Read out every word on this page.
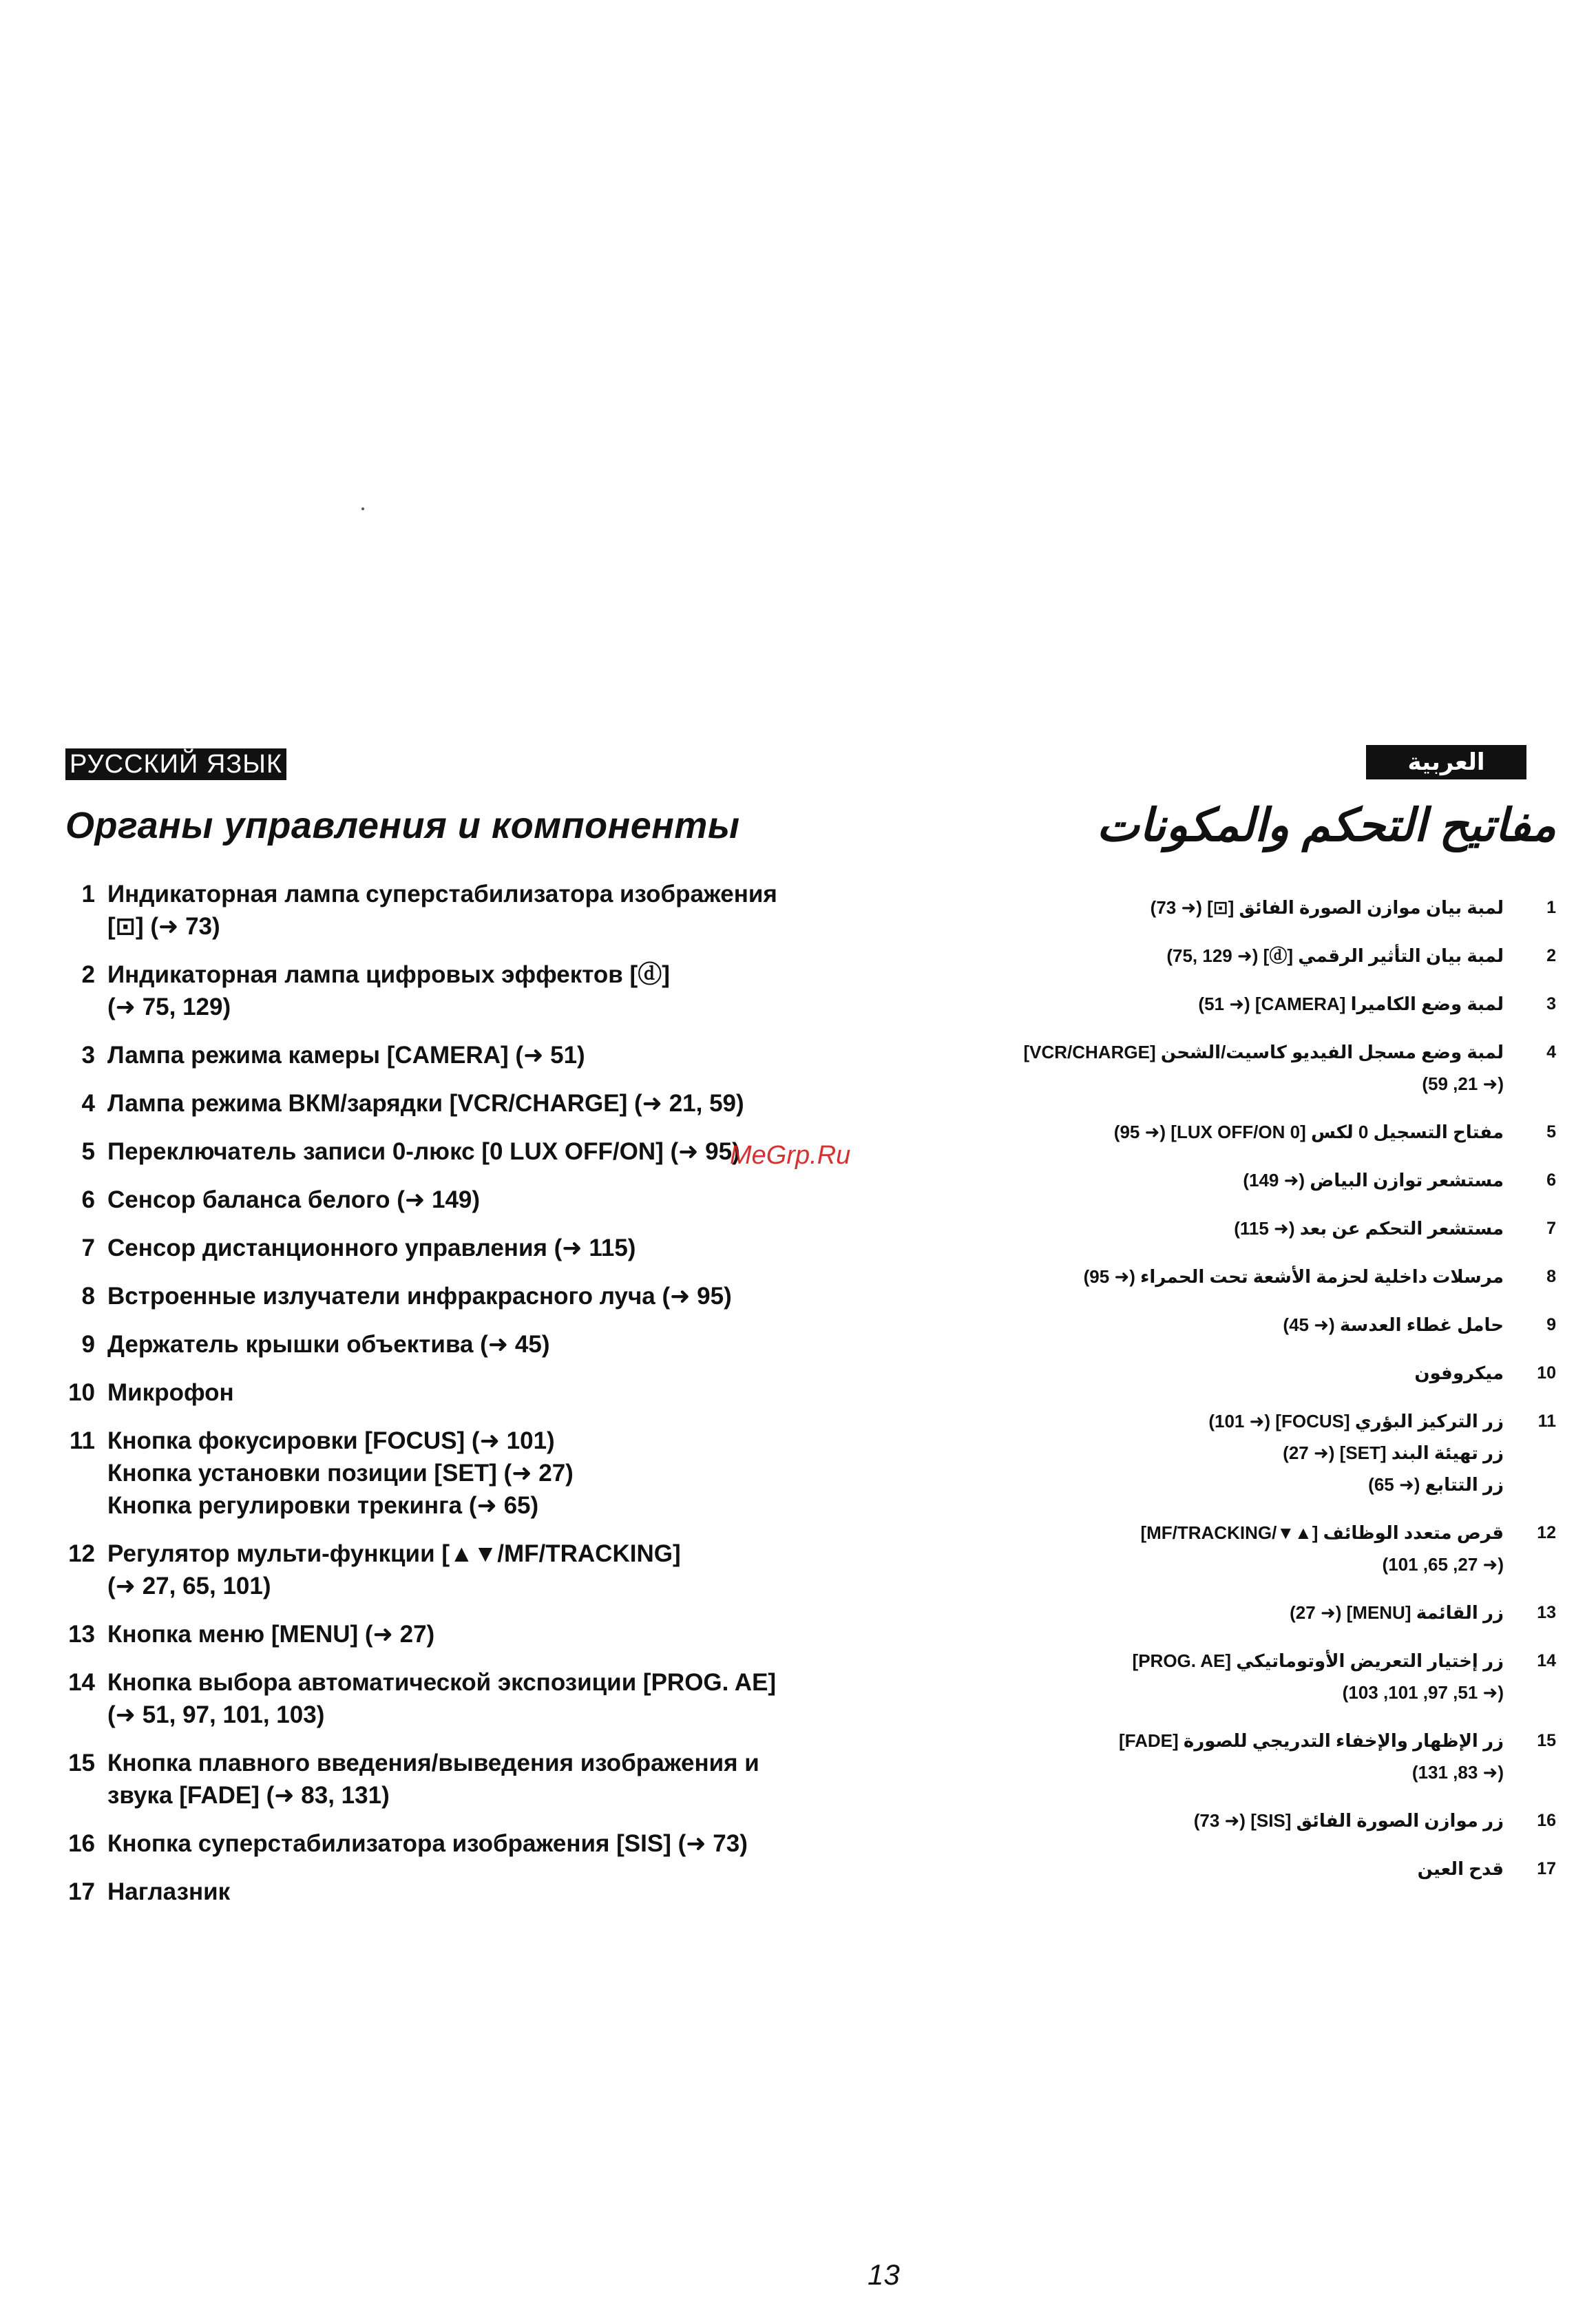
РУССКИЙ ЯЗЫК	العربية
Органы управления и компоненты	مفاتيح التحكم والمكونات
1 Индикаторная лампа суперстабилизатора изображения
[⊡] (➜ 73)
2 Индикаторная лампа цифровых эффектов [ⓓ]
(➜ 75, 129)
3 Лампа режима камеры [CAMERA] (➜ 51)
4 Лампа режима ВКМ/зарядки [VCR/CHARGE] (➜ 21, 59)
5 Переключатель записи 0-люкс [0 LUX OFF/ON] (➜ 95)
6 Сенсор баланса белого (➜ 149)
7 Сенсор дистанционного управления (➜ 115)
8 Встроенные излучатели инфракрасного луча (➜ 95)
9 Держатель крышки объектива (➜ 45)
10 Микрофон
11 Кнопка фокусировки [FOCUS] (➜ 101)
Кнопка установки позиции [SET] (➜ 27)
Кнопка регулировки трекинга (➜ 65)
12 Регулятор мульти-функции [▲▼/MF/TRACKING]
(➜ 27, 65, 101)
13 Кнопка меню [MENU] (➜ 27)
14 Кнопка выбора автоматической экспозиции [PROG. AE]
(➜ 51, 97, 101, 103)
15 Кнопка плавного введения/выведения изображения и
звука [FADE] (➜ 83, 131)
16 Кнопка суперстабилизатора изображения [SIS] (➜ 73)
17 Наглазник
1
لمبة بيان موازن الصورة الفائق [⊡] (➜ 73)
2
لمبة بيان التأثير الرقمي [ⓓ] (➜ 75, 129)
3
لمبة وضع الكاميرا [CAMERA] (➜ 51)
4
لمبة وضع مسجل الفيديو كاسيت/الشحن [VCR/CHARGE]
(➜ 21, 59)
5
مفتاح التسجيل 0 لكس [0 LUX OFF/ON] (➜ 95)
6
مستشعر توازن البياض (➜ 149)
7
مستشعر التحكم عن بعد (➜ 115)
8
مرسلات داخلية لحزمة الأشعة تحت الحمراء (➜ 95)
9
حامل غطاء العدسة (➜ 45)
10
ميكروفون
11
زر التركيز البؤري [FOCUS] (➜ 101)
زر تهيئة البند [SET] (➜ 27)
زر التتابع (➜ 65)
12
قرص متعدد الوظائف [▲▼/MF/TRACKING]
(➜ 27, 65, 101)
13
زر القائمة [MENU] (➜ 27)
14
زر إختيار التعريض الأوتوماتيكي [PROG. AE]
(➜ 51, 97, 101, 103)
15
زر الإظهار والإخفاء التدريجي للصورة [FADE]
(➜ 83, 131)
16
زر موازن الصورة الفائق [SIS] (➜ 73)
17
قدح العين
MeGrp.Ru
13
